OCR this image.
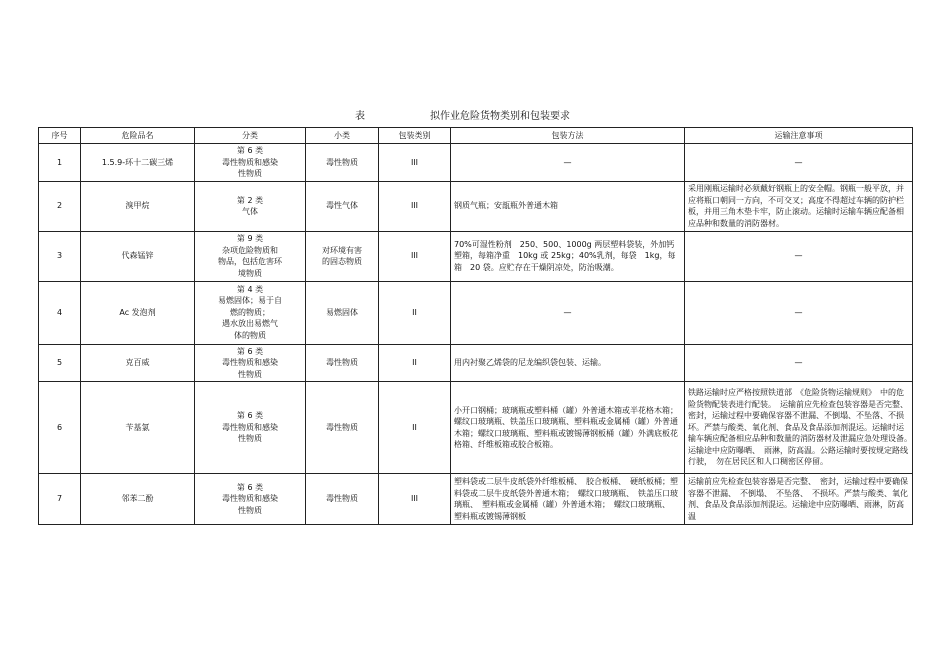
表	拟作业危险货物类别和包装要求
序号	危险品名	分类	小类	包装类别	包装方法	运输注意事项
1	1.5.9-环十二碳三烯	第 6 类
毒性物质和感染
性物质	毒性物质	III	—	—
2	溴甲烷	第 2 类
气体	毒性气体	III	钢质气瓶；安瓿瓶外普通木箱	采用刚瓶运输时必须戴好钢瓶上的安全帽。钢瓶一般平放，并应将瓶口朝同一方向，不可交叉；高度不得超过车辆的防护栏板，并用三角木垫卡牢，防止滚动。运输时运输车辆应配备相应品种和数量的消防器材。
3	代森锰锌	第 9 类
杂项危险物质和
物品，包括危害环
境物质	对环境有害
的固态物质	III	70%可湿性粉剂　250、500、1000g 两层塑料袋装，外加钙塑箱，每箱净重　10kg 或 25kg；40%乳剂，每袋　1kg，每箱　20 袋。应贮存在干燥阴凉处，防治吸潮。	—
4	Ac 发泡剂	第 4 类
易燃固体；易于自
燃的物质；
遇水放出易燃气
体的物质	易燃固体	II	—	—
5	克百威	第 6 类
毒性物质和感染
性物质	毒性物质	II	用内衬聚乙烯袋的尼龙编织袋包装、运输。	—
6	苄基氯	第 6 类
毒性物质和感染
性物质	毒性物质	II	小开口钢桶；玻璃瓶或塑料桶（罐）外普通木箱或半花格木箱；螺纹口玻璃瓶、铁盖压口玻璃瓶、塑料瓶或金属桶（罐）外普通木箱；螺纹口玻璃瓶、塑料瓶或镀锡薄钢板桶（罐）外满底板花格箱、纤维板箱或胶合板箱。	铁路运输时应严格按照铁道部　《危险货物运输规则》　中的危险货物配装表进行配装。　运输前应先检查包装容器是否完整、密封，运输过程中要确保容器不泄漏、不倒塌、不坠落、不损坏。严禁与酸类、氧化剂、食品及食品添加剂混运。运输时运输车辆应配备相应品种和数量的消防器材及泄漏应急处理设备。　运输途中应防曝晒、　雨淋，防高温。公路运输时要按规定路线行驶，　勿在居民区和人口稠密区停留。
7	邻苯二酚	第 6 类
毒性物质和感染
性物质	毒性物质	III	塑料袋或二层牛皮纸袋外纤维板桶、　胶合板桶、　硬纸板桶；塑料袋或二层牛皮纸袋外普通木箱；　螺纹口玻璃瓶、　铁盖压口玻璃瓶、　塑料瓶或金属桶（罐）外普通木箱；　螺纹口玻璃瓶、　塑料瓶或镀锡薄钢板	运输前应先检查包装容器是否完整、　密封，运输过程中要确保容器不泄漏、　不倒塌、　不坠落、　不损坏。严禁与酸类、氧化剂、食品及食品添加剂混运。运输途中应防曝晒、雨淋，防高温
